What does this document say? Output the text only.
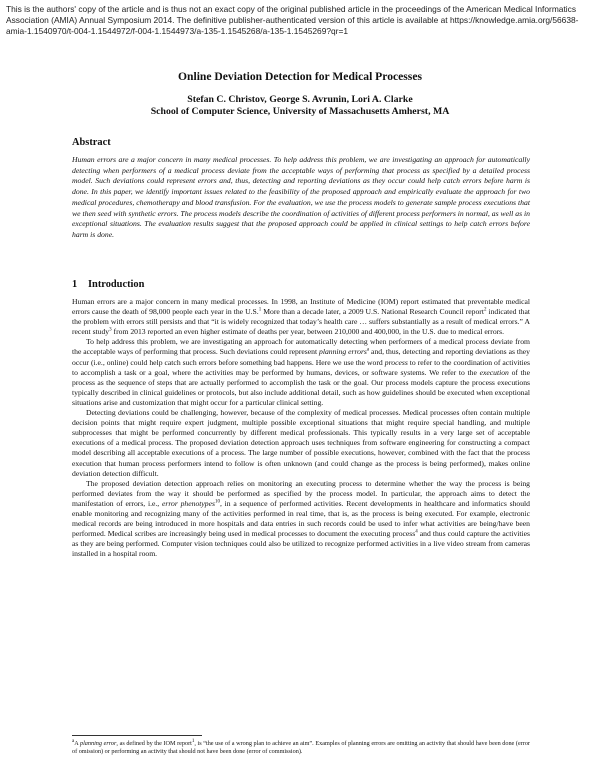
This is the authors' copy of the article and is thus not an exact copy of the original published article in the proceedings of the American Medical Informatics Association (AMIA) Annual Symposium 2014. The definitive publisher-authenticated version of this article is available at https://knowledge.amia.org/56638-amia-1.1540970/t-004-1.1544972/f-004-1.1544973/a-135-1.1545268/a-135-1.1545269?qr=1
Online Deviation Detection for Medical Processes
Stefan C. Christov, George S. Avrunin, Lori A. Clarke
School of Computer Science, University of Massachusetts Amherst, MA
Abstract
Human errors are a major concern in many medical processes. To help address this problem, we are investigating an approach for automatically detecting when performers of a medical process deviate from the acceptable ways of performing that process as specified by a detailed process model. Such deviations could represent errors and, thus, detecting and reporting deviations as they occur could help catch errors before harm is done. In this paper, we identify important issues related to the feasibility of the proposed approach and empirically evaluate the approach for two medical procedures, chemotherapy and blood transfusion. For the evaluation, we use the process models to generate sample process executions that we then seed with synthetic errors. The process models describe the coordination of activities of different process performers in normal, as well as in exceptional situations. The evaluation results suggest that the proposed approach could be applied in clinical settings to help catch errors before harm is done.
1 Introduction

Human errors are a major concern in many medical processes. In 1998, an Institute of Medicine (IOM) report estimated that preventable medical errors cause the death of 98,000 people each year in the U.S.$^1$ More than a decade later, a 2009 U.S. National Research Council report$^2$ indicated that the problem with errors still persists and that “it is widely recognized that today’s health care … suffers substantially as a result of medical errors.” A recent study$^3$ from 2013 reported an even higher estimate of deaths per year, between 210,000 and 400,000, in the U.S. due to medical errors.

To help address this problem, we are investigating an approach for automatically detecting when performers of a medical process deviate from the acceptable ways of performing that process. Such deviations could represent planning errors$^a$ and, thus, detecting and reporting deviations as they occur (i.e., online) could help catch such errors before something bad happens. Here we use the word process to refer to the coordination of activities to accomplish a task or a goal, where the activities may be performed by humans, devices, or software systems. We refer to the execution of the process as the sequence of steps that are actually performed to accomplish the task or the goal. Our process models capture the process executions typically described in clinical guidelines or protocols, but also include additional detail, such as how guidelines should be executed when exceptional situations arise and customization that might occur for a particular clinical setting.

Detecting deviations could be challenging, however, because of the complexity of medical processes. Medical processes often contain multiple decision points that might require expert judgment, multiple possible exceptional situations that might require special handling, and multiple subprocesses that might be performed concurrently by different medical professionals. This typically results in a very large set of acceptable executions of a medical process. The proposed deviation detection approach uses techniques from software engineering for constructing a compact model describing all acceptable executions of a process. The large number of possible executions, however, combined with the fact that the process execution that human process performers intend to follow is often unknown (and could change as the process is being performed), makes online deviation detection difficult.

The proposed deviation detection approach relies on monitoring an executing process to determine whether the way the process is being performed deviates from the way it should be performed as specified by the process model. In particular, the approach aims to detect the manifestation of errors, i.e., error phenotypes$^{10}$, in a sequence of performed activities. Recent developments in healthcare and informatics should enable monitoring and recognizing many of the activities performed in real time, that is, as the process is being executed. For example, electronic medical records are being introduced in more hospitals and data entries in such records could be used to infer what activities are being/have been performed. Medical scribes are increasingly being used in medical processes to document the executing process$^4$ and thus could capture the activities as they are being performed. Computer vision techniques could also be utilized to recognize performed activities in a live video stream from cameras installed in a hospital room.

$^a$A planning error, as defined by the IOM report$^1$, is “the use of a wrong plan to achieve an aim”. Examples of planning errors are omitting an activity that should have been done (error of omission) or performing an activity that should not have been done (error of commission).
